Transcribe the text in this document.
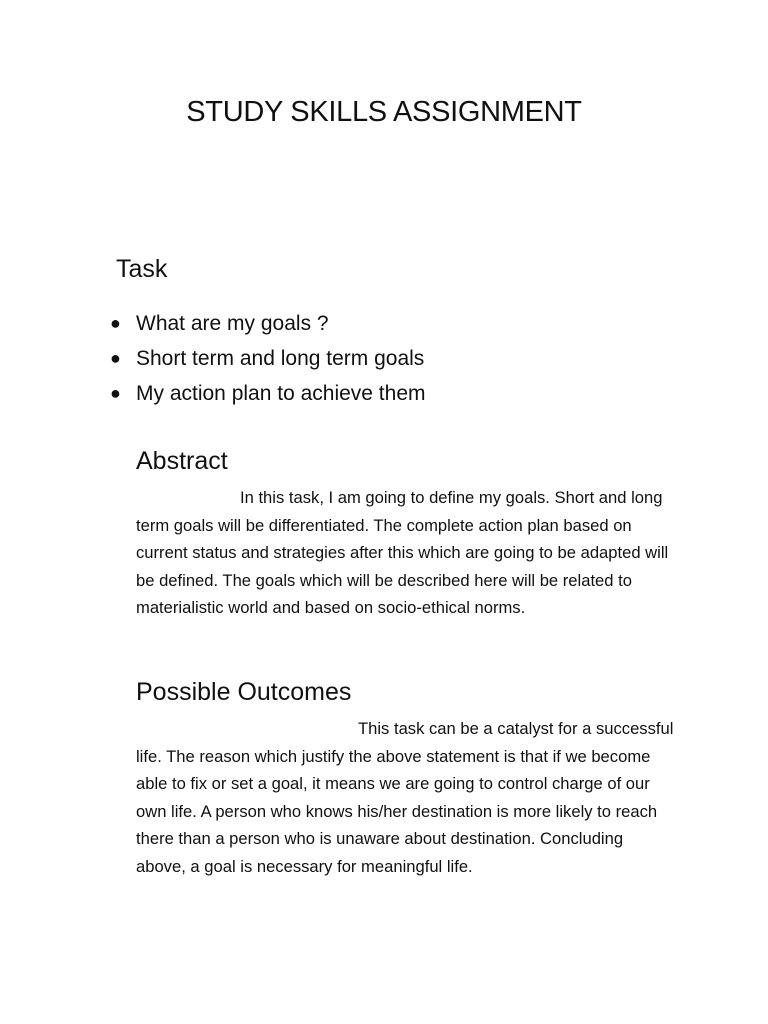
STUDY SKILLS ASSIGNMENT
Task
● What are my goals ?
● Short term and long term goals
● My action plan to achieve them
Abstract

In this task, I am going to define my goals. Short and long term goals will be differentiated. The complete action plan based on current status and strategies after this which are going to be adapted will be defined. The goals which will be described here will be related to materialistic world and based on socio-ethical norms.

Possible Outcomes

This task can be a catalyst for a successful life. The reason which justify the above statement is that if we become able to fix or set a goal, it means we are going to control charge of our own life. A person who knows his/her destination is more likely to reach there than a person who is unaware about destination. Concluding above, a goal is necessary for meaningful life.
